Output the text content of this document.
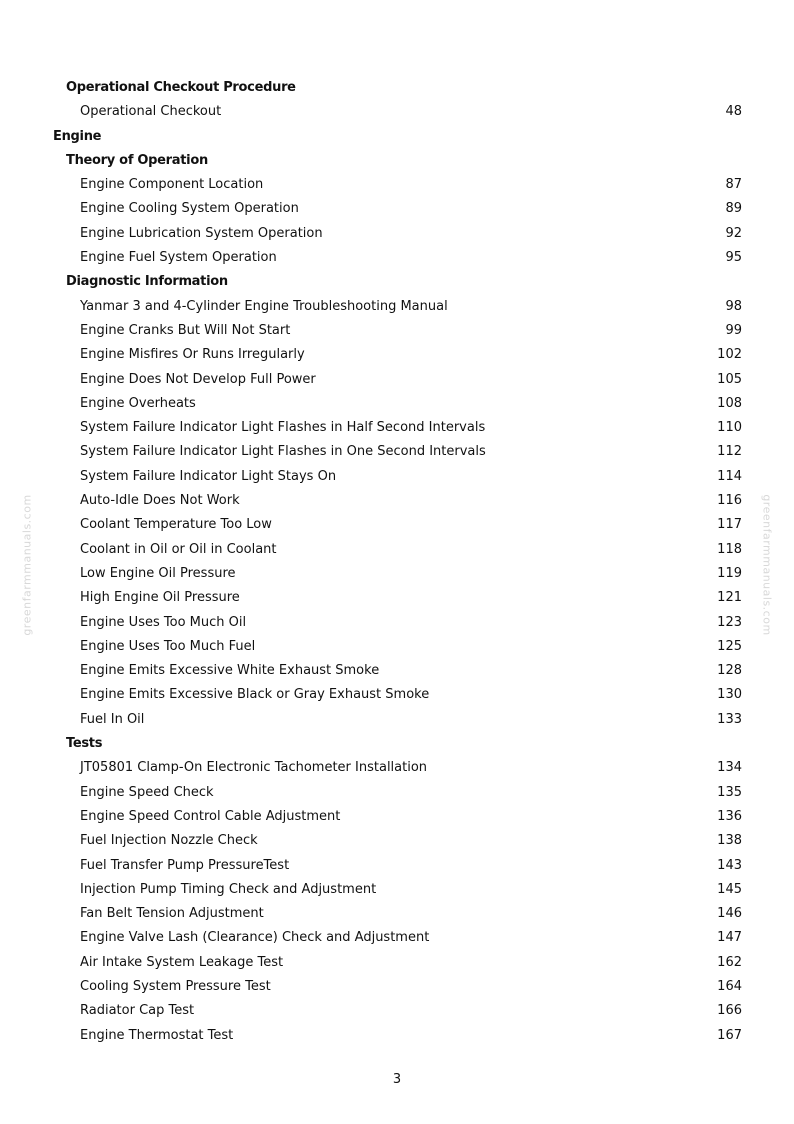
Operational Checkout Procedure
Operational Checkout	48
Engine
Theory of Operation
Engine Component Location	87
Engine Cooling System Operation	89
Engine Lubrication System Operation	92
Engine Fuel System Operation	95
Diagnostic Information
Yanmar 3 and 4-Cylinder Engine Troubleshooting Manual	98
Engine Cranks But Will Not Start	99
Engine Misfires Or Runs Irregularly	102
Engine Does Not Develop Full Power	105
Engine Overheats	108
System Failure Indicator Light Flashes in Half Second Intervals	110
System Failure Indicator Light Flashes in One Second Intervals	112
System Failure Indicator Light Stays On	114
Auto-Idle Does Not Work	116
Coolant Temperature Too Low	117
Coolant in Oil or Oil in Coolant	118
Low Engine Oil Pressure	119
High Engine Oil Pressure	121
Engine Uses Too Much Oil	123
Engine Uses Too Much Fuel	125
Engine Emits Excessive White Exhaust Smoke	128
Engine Emits Excessive Black or Gray Exhaust Smoke	130
Fuel In Oil	133
Tests
JT05801 Clamp-On Electronic Tachometer Installation	134
Engine Speed Check	135
Engine Speed Control Cable Adjustment	136
Fuel Injection Nozzle Check	138
Fuel Transfer Pump PressureTest	143
Injection Pump Timing Check and Adjustment	145
Fan Belt Tension Adjustment	146
Engine Valve Lash (Clearance) Check and Adjustment	147
Air Intake System Leakage Test	162
Cooling System Pressure Test	164
Radiator Cap Test	166
Engine Thermostat Test	167
3
greenfarmmanuals.com	greenfarmmanuals.com
